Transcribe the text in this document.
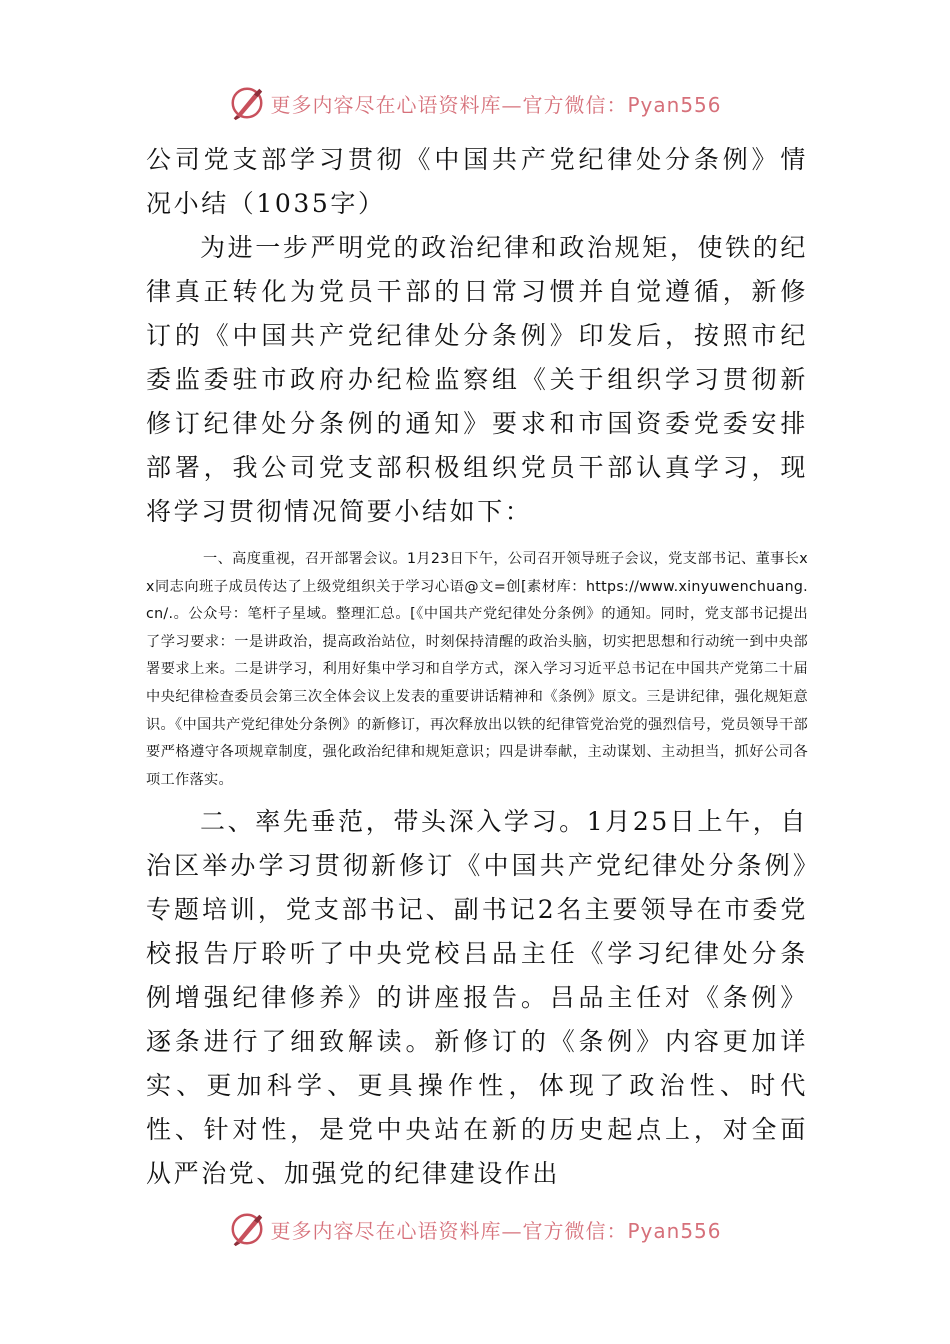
更多内容尽在心语资料库—官方微信：Pyan556

公司党支部学习贯彻《中国共产党纪律处分条例》情况小结（1035字）

为进一步严明党的政治纪律和政治规矩，使铁的纪律真正转化为党员干部的日常习惯并自觉遵循，新修订的《中国共产党纪律处分条例》印发后，按照市纪委监委驻市政府办纪检监察组《关于组织学习贯彻新修订纪律处分条例的通知》要求和市国资委党委安排部署，我公司党支部积极组织党员干部认真学习，现将学习贯彻情况简要小结如下：

一、高度重视，召开部署会议。1月23日下午，公司召开领导班子会议，党支部书记、董事长xx同志向班子成员传达了上级党组织关于学习心语@文=创[素材库：https://www.xinyuwenchuang.cn/.。公众号：笔杆子星域。整理汇总。[《中国共产党纪律处分条例》的通知。同时，党支部书记提出了学习要求：一是讲政治，提高政治站位，时刻保持清醒的政治头脑，切实把思想和行动统一到中央部署要求上来。二是讲学习，利用好集中学习和自学方式，深入学习习近平总书记在中国共产党第二十届中央纪律检查委员会第三次全体会议上发表的重要讲话精神和《条例》原文。三是讲纪律，强化规矩意识。《中国共产党纪律处分条例》的新修订，再次释放出以铁的纪律管党治党的强烈信号，党员领导干部要严格遵守各项规章制度，强化政治纪律和规矩意识；四是讲奉献，主动谋划、主动担当，抓好公司各项工作落实。

二、率先垂范，带头深入学习。1月25日上午，自治区举办学习贯彻新修订《中国共产党纪律处分条例》专题培训，党支部书记、副书记2名主要领导在市委党校报告厅聆听了中央党校吕品主任《学习纪律处分条例增强纪律修养》的讲座报告。吕品主任对《条例》逐条进行了细致解读。新修订的《条例》内容更加详实、更加科学、更具操作性，体现了政治性、时代性、针对性，是党中央站在新的历史起点上，对全面从严治党、加强党的纪律建设作出

更多内容尽在心语资料库—官方微信：Pyan556
